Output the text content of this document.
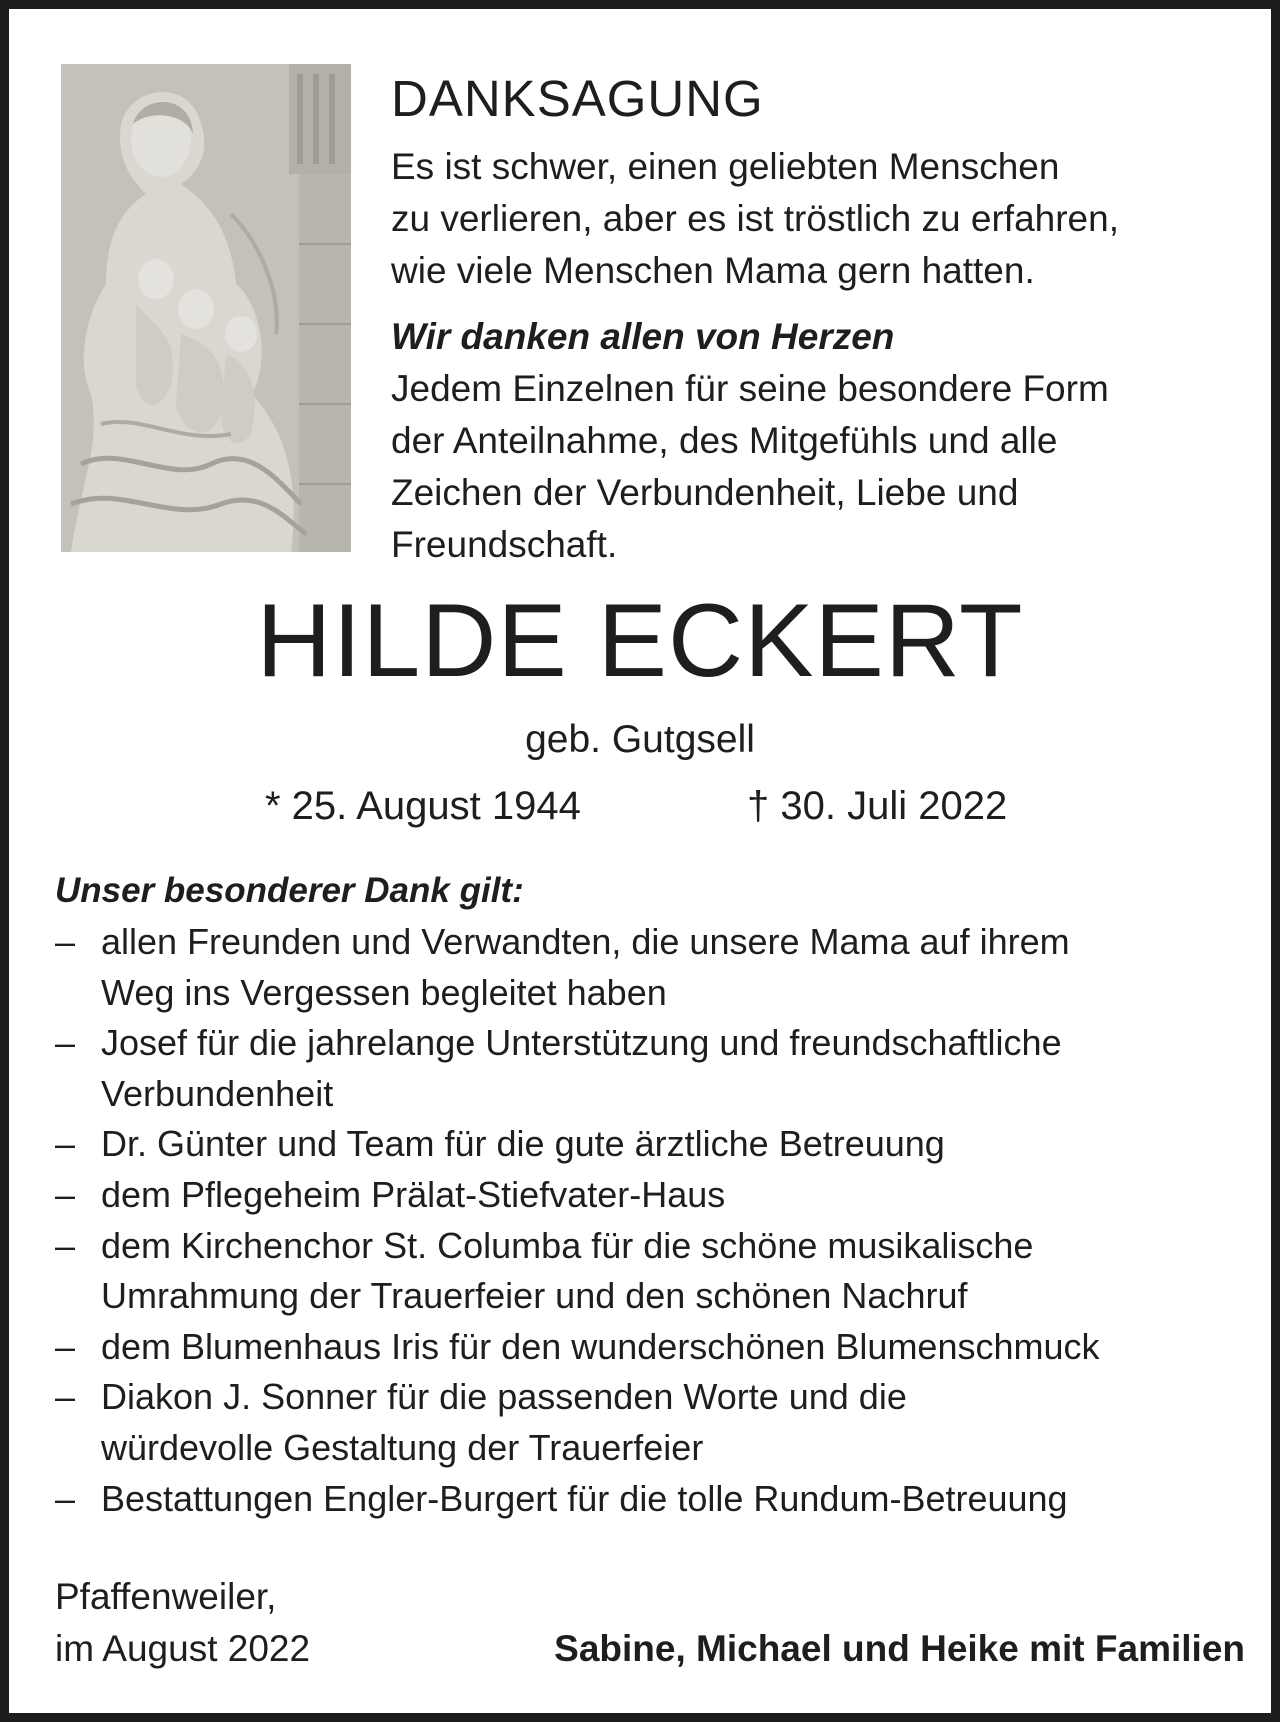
DANKSAGUNG

Es ist schwer, einen geliebten Menschen

zu verlieren, aber es ist tröstlich zu erfahren,

wie viele Menschen Mama gern hatten.

Wir danken allen von Herzen

Jedem Einzelnen für seine besondere Form

der Anteilnahme, des Mitgefühls und alle

Zeichen der Verbundenheit, Liebe und

Freundschaft.

HILDE ECKERT
geb. Gutgsell
* 25. August 1944	† 30. Juli 2022
Unser besonderer Dank gilt:
– allen Freunden und Verwandten, die unsere Mama auf ihrem
Weg ins Vergessen begleitet haben
– Josef für die jahrelange Unterstützung und freundschaftliche
Verbundenheit
– Dr. Günter und Team für die gute ärztliche Betreuung
– dem Pflegeheim Prälat-Stiefvater-Haus
– dem Kirchenchor St. Columba für die schöne musikalische
Umrahmung der Trauerfeier und den schönen Nachruf
– dem Blumenhaus Iris für den wunderschönen Blumenschmuck
– Diakon J. Sonner für die passenden Worte und die
würdevolle Gestaltung der Trauerfeier
– Bestattungen Engler-Burgert für die tolle Rundum-Betreuung
Pfaffenweiler,
im August 2022	Sabine, Michael und Heike mit Familien
